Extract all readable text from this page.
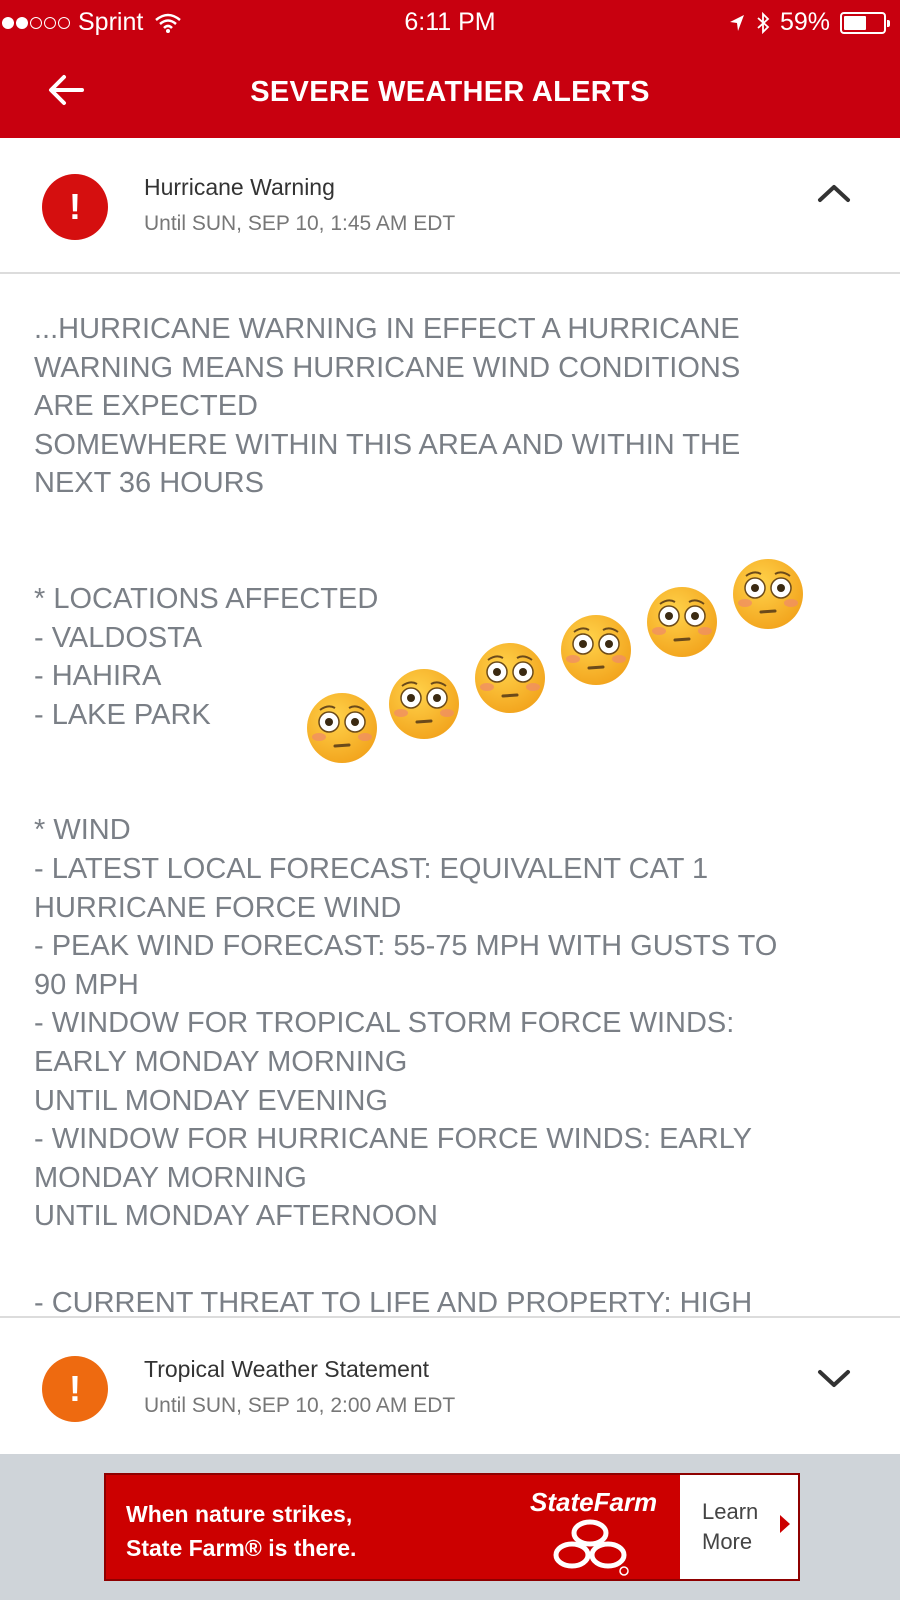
Sprint	6:11 PM	59%
SEVERE WEATHER ALERTS
!	Hurricane Warning
Until SUN, SEP 10, 1:45 AM EDT
...HURRICANE WARNING IN EFFECT A HURRICANE
WARNING MEANS HURRICANE WIND CONDITIONS
ARE EXPECTED
SOMEWHERE WITHIN THIS AREA AND WITHIN THE
NEXT 36 HOURS
* LOCATIONS AFFECTED
- VALDOSTA
- HAHIRA
- LAKE PARK
* WIND
- LATEST LOCAL FORECAST: EQUIVALENT CAT 1
HURRICANE FORCE WIND
- PEAK WIND FORECAST: 55-75 MPH WITH GUSTS TO
90 MPH
- WINDOW FOR TROPICAL STORM FORCE WINDS:
EARLY MONDAY MORNING
UNTIL MONDAY EVENING
- WINDOW FOR HURRICANE FORCE WINDS: EARLY
MONDAY MORNING
UNTIL MONDAY AFTERNOON
- CURRENT THREAT TO LIFE AND PROPERTY: HIGH
!	Tropical Weather Statement
Until SUN, SEP 10, 2:00 AM EDT
When nature strikes,
State Farm® is there.
StateFarm Learn
More
